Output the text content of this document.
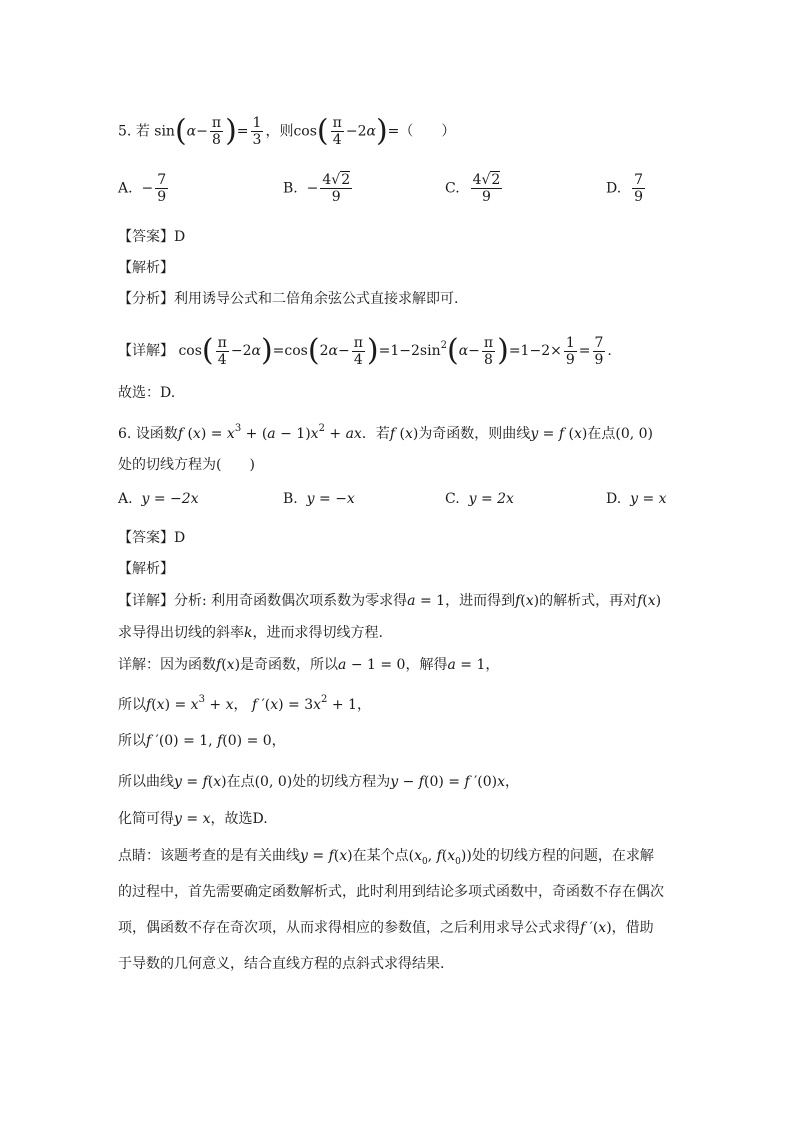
5. 若 $\sin(\alpha- \frac{\pi}{8}$ )= $\frac{1}{3}$ ，则$\cos( \frac{\pi}{4} -2\alpha)=$（　　）
A. − $\frac{7}{9}$	B. − $\frac{4√2}{9}$	C. $\frac{4√2}{9}$	D. $\frac{7}{9}$
【答案】D
【解析】
【分析】利用诱导公式和二倍角余弦公式直接求解即可.
【详解】 $\cos( \frac{\pi}{4} -2\alpha)=\cos(2\alpha- \frac{\pi}{4} )=1-2\sin^2(\alpha- \frac{\pi}{8} )=1-2\times \frac{1}{9} = \frac{7}{9}$ .
故选：D.
6. 设函数f $(x) = x^3 + (a - 1)x^2$ + ax．若f (x)为奇函数，则曲线y = f (x)在点(0, 0)
处的切线方程为(　　)
A. y = −2x	B. y = −x	C. y = 2x	D. y = x
【答案】D
【解析】
【详解】分析: 利用奇函数偶次项系数为零求得a = 1，进而得到f(x)的解析式，再对f(x)
求导得出切线的斜率k，进而求得切线方程.
详解：因为函数f(x)是奇函数，所以a − 1 = 0，解得a = 1，
所以$f(x) = x^3 + x$， f $'(x) = 3x^2 + 1$，
所以f ′(0) = 1, f(0) = 0，
所以曲线y = f(x)在点(0, 0)处的切线方程为y − f(0) = f ′(0)x，
化简可得y = x，故选D.
点睛：该题考查的是有关曲线y = f(x)在某个点($x_0$, $f(x_0)$)处的切线方程的问题，在求解
的过程中，首先需要确定函数解析式，此时利用到结论多项式函数中，奇函数不存在偶次
项，偶函数不存在奇次项，从而求得相应的参数值，之后利用求导公式求得f ′(x)，借助
于导数的几何意义，结合直线方程的点斜式求得结果.
